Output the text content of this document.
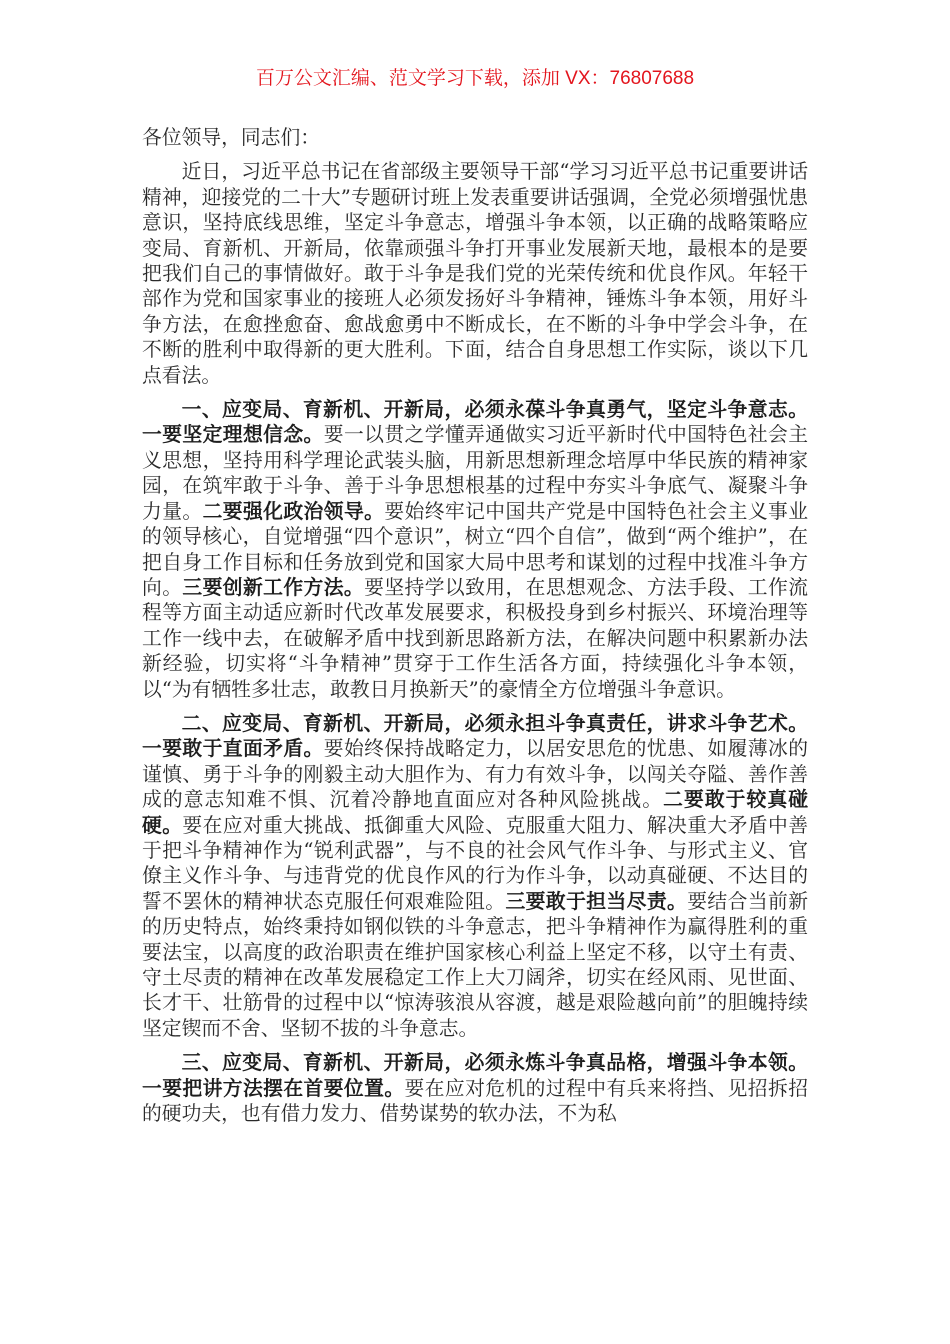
百万公文汇编、范文学习下载，添加 VX：76807688

各位领导，同志们：

近日，习近平总书记在省部级主要领导干部“学习习近平总书记重要讲话精神，迎接党的二十大”专题研讨班上发表重要讲话强调，全党必须增强忧患意识，坚持底线思维，坚定斗争意志，增强斗争本领，以正确的战略策略应变局、育新机、开新局，依靠顽强斗争打开事业发展新天地，最根本的是要把我们自己的事情做好。敢于斗争是我们党的光荣传统和优良作风。年轻干部作为党和国家事业的接班人必须发扬好斗争精神，锤炼斗争本领，用好斗争方法，在愈挫愈奋、愈战愈勇中不断成长，在不断的斗争中学会斗争，在不断的胜利中取得新的更大胜利。下面，结合自身思想工作实际，谈以下几点看法。

一、应变局、育新机、开新局，必须永葆斗争真勇气，坚定斗争意志。一要坚定理想信念。要一以贯之学懂弄通做实习近平新时代中国特色社会主义思想，坚持用科学理论武装头脑，用新思想新理念培厚中华民族的精神家园，在筑牢敢于斗争、善于斗争思想根基的过程中夯实斗争底气、凝聚斗争力量。二要强化政治领导。要始终牢记中国共产党是中国特色社会主义事业的领导核心，自觉增强“四个意识”，树立“四个自信”，做到“两个维护”，在把自身工作目标和任务放到党和国家大局中思考和谋划的过程中找准斗争方向。三要创新工作方法。要坚持学以致用，在思想观念、方法手段、工作流程等方面主动适应新时代改革发展要求，积极投身到乡村振兴、环境治理等工作一线中去，在破解矛盾中找到新思路新方法，在解决问题中积累新办法新经验，切实将“斗争精神”贯穿于工作生活各方面，持续强化斗争本领，以“为有牺牲多壮志，敢教日月换新天”的豪情全方位增强斗争意识。

二、应变局、育新机、开新局，必须永担斗争真责任，讲求斗争艺术。一要敢于直面矛盾。要始终保持战略定力，以居安思危的忧患、如履薄冰的谨慎、勇于斗争的刚毅主动大胆作为、有力有效斗争，以闯关夺隘、善作善成的意志知难不惧、沉着冷静地直面应对各种风险挑战。二要敢于较真碰硬。要在应对重大挑战、抵御重大风险、克服重大阻力、解决重大矛盾中善于把斗争精神作为“锐利武器”，与不良的社会风气作斗争、与形式主义、官僚主义作斗争、与违背党的优良作风的行为作斗争，以动真碰硬、不达目的誓不罢休的精神状态克服任何艰难险阻。三要敢于担当尽责。要结合当前新的历史特点，始终秉持如钢似铁的斗争意志，把斗争精神作为赢得胜利的重要法宝，以高度的政治职责在维护国家核心利益上坚定不移，以守土有责、守土尽责的精神在改革发展稳定工作上大刀阔斧，切实在经风雨、见世面、长才干、壮筋骨的过程中以“惊涛骇浪从容渡，越是艰险越向前”的胆魄持续坚定锲而不舍、坚韧不拔的斗争意志。

三、应变局、育新机、开新局，必须永炼斗争真品格，增强斗争本领。一要把讲方法摆在首要位置。要在应对危机的过程中有兵来将挡、见招拆招的硬功夫，也有借力发力、借势谋势的软办法，不为私
